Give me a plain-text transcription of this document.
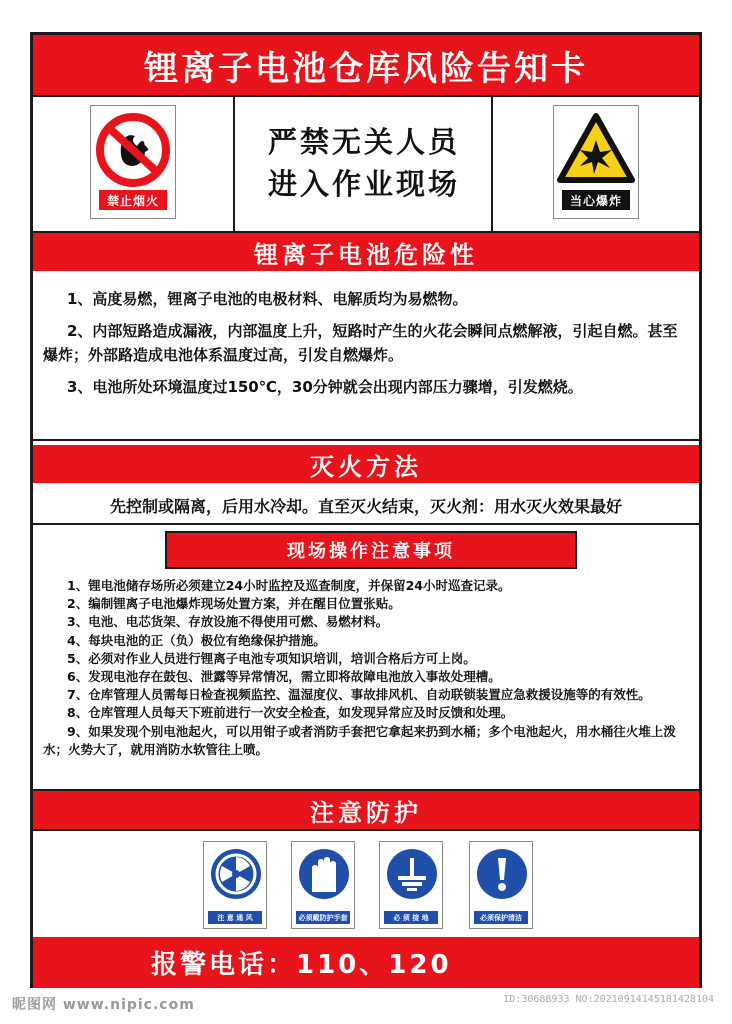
锂离子电池仓库风险告知卡
禁止烟火
严禁无关人员
进入作业现场	当心爆炸
锂离子电池危险性

1、高度易燃，锂离子电池的电极材料、电解质均为易燃物。

2、内部短路造成漏液，内部温度上升，短路时产生的火花会瞬间点燃解液，引起自燃。甚至爆炸；外部路造成电池体系温度过高，引发自燃爆炸。

3、电池所处环境温度过150℃，30分钟就会出现内部压力骤增，引发燃烧。

灭火方法
先控制或隔离，后用水冷却。直至灭火结束，灭火剂：用水灭火效果最好
现场操作注意事项
1、锂电池储存场所必须建立24小时监控及巡查制度，并保留24小时巡查记录。
2、编制锂离子电池爆炸现场处置方案，并在醒目位置张贴。
3、电池、电芯货架、存放设施不得使用可燃、易燃材料。
4、每块电池的正（负）极位有绝缘保护措施。
5、必须对作业人员进行锂离子电池专项知识培训，培训合格后方可上岗。
6、发现电池存在鼓包、泄露等异常情况，需立即将故障电池放入事故处理槽。
7、仓库管理人员需每日检查视频监控、温湿度仪、事故排风机、自动联锁装置应急救援设施等的有效性。
8、仓库管理人员每天下班前进行一次安全检查，如发现异常应及时反馈和处理。
9、如果发现个别电池起火，可以用钳子或者消防手套把它拿起来扔到水桶；多个电池起火，用水桶往火堆上泼水；火势大了，就用消防水软管往上喷。
注意防护
注 意 通 风	必须戴防护手套	必 须 接 地	必须保护清洁
报警电话：110、120
昵图网 www.nipic.com	ID:30688933 NO:20210914145101428104
